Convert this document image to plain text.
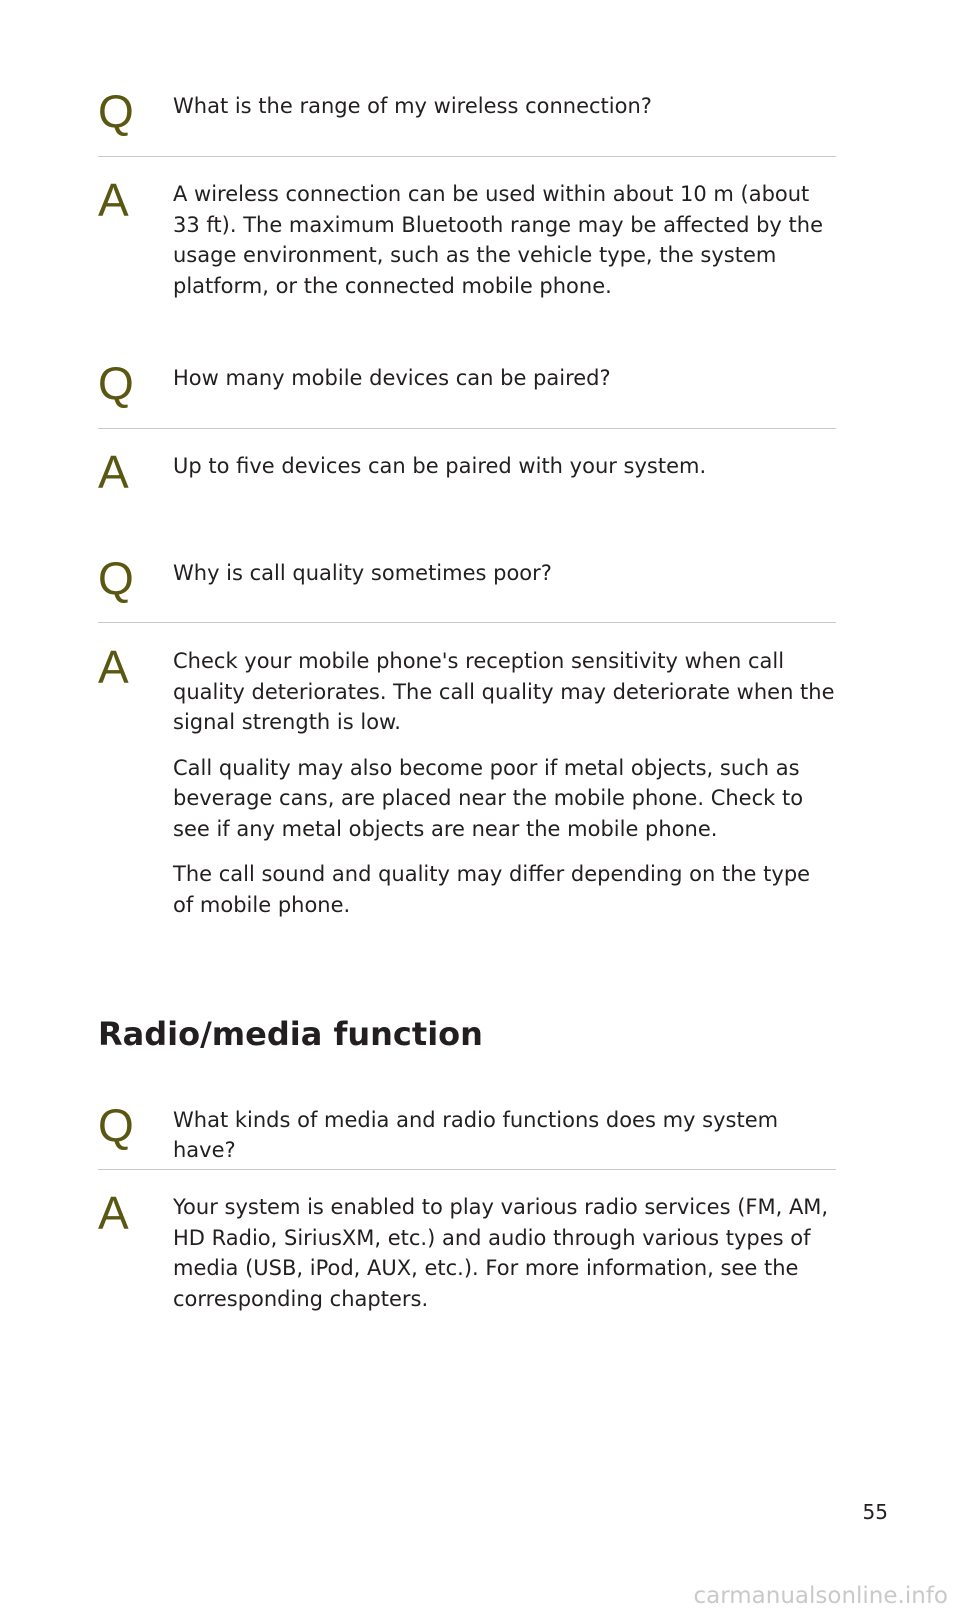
Q What is the range of my wireless connection?
A A wireless connection can be used within about 10 m (about 33 ft). The maximum Bluetooth range may be affected by the usage environment, such as the vehicle type, the system platform, or the connected mobile phone.

Q How many mobile devices can be paired?
A Up to five devices can be paired with your system.

Q Why is call quality sometimes poor?
A Check your mobile phone's reception sensitivity when call quality deteriorates. The call quality may deteriorate when the signal strength is low.

Call quality may also become poor if metal objects, such as beverage cans, are placed near the mobile phone. Check to see if any metal objects are near the mobile phone.

The call sound and quality may differ depending on the type of mobile phone.

Radio/media function
Q What kinds of media and radio functions does my system have?
A Your system is enabled to play various radio services (FM, AM, HD Radio, SiriusXM, etc.) and audio through various types of media (USB, iPod, AUX, etc.). For more information, see the corresponding chapters.

55
carmanualsonline.info
